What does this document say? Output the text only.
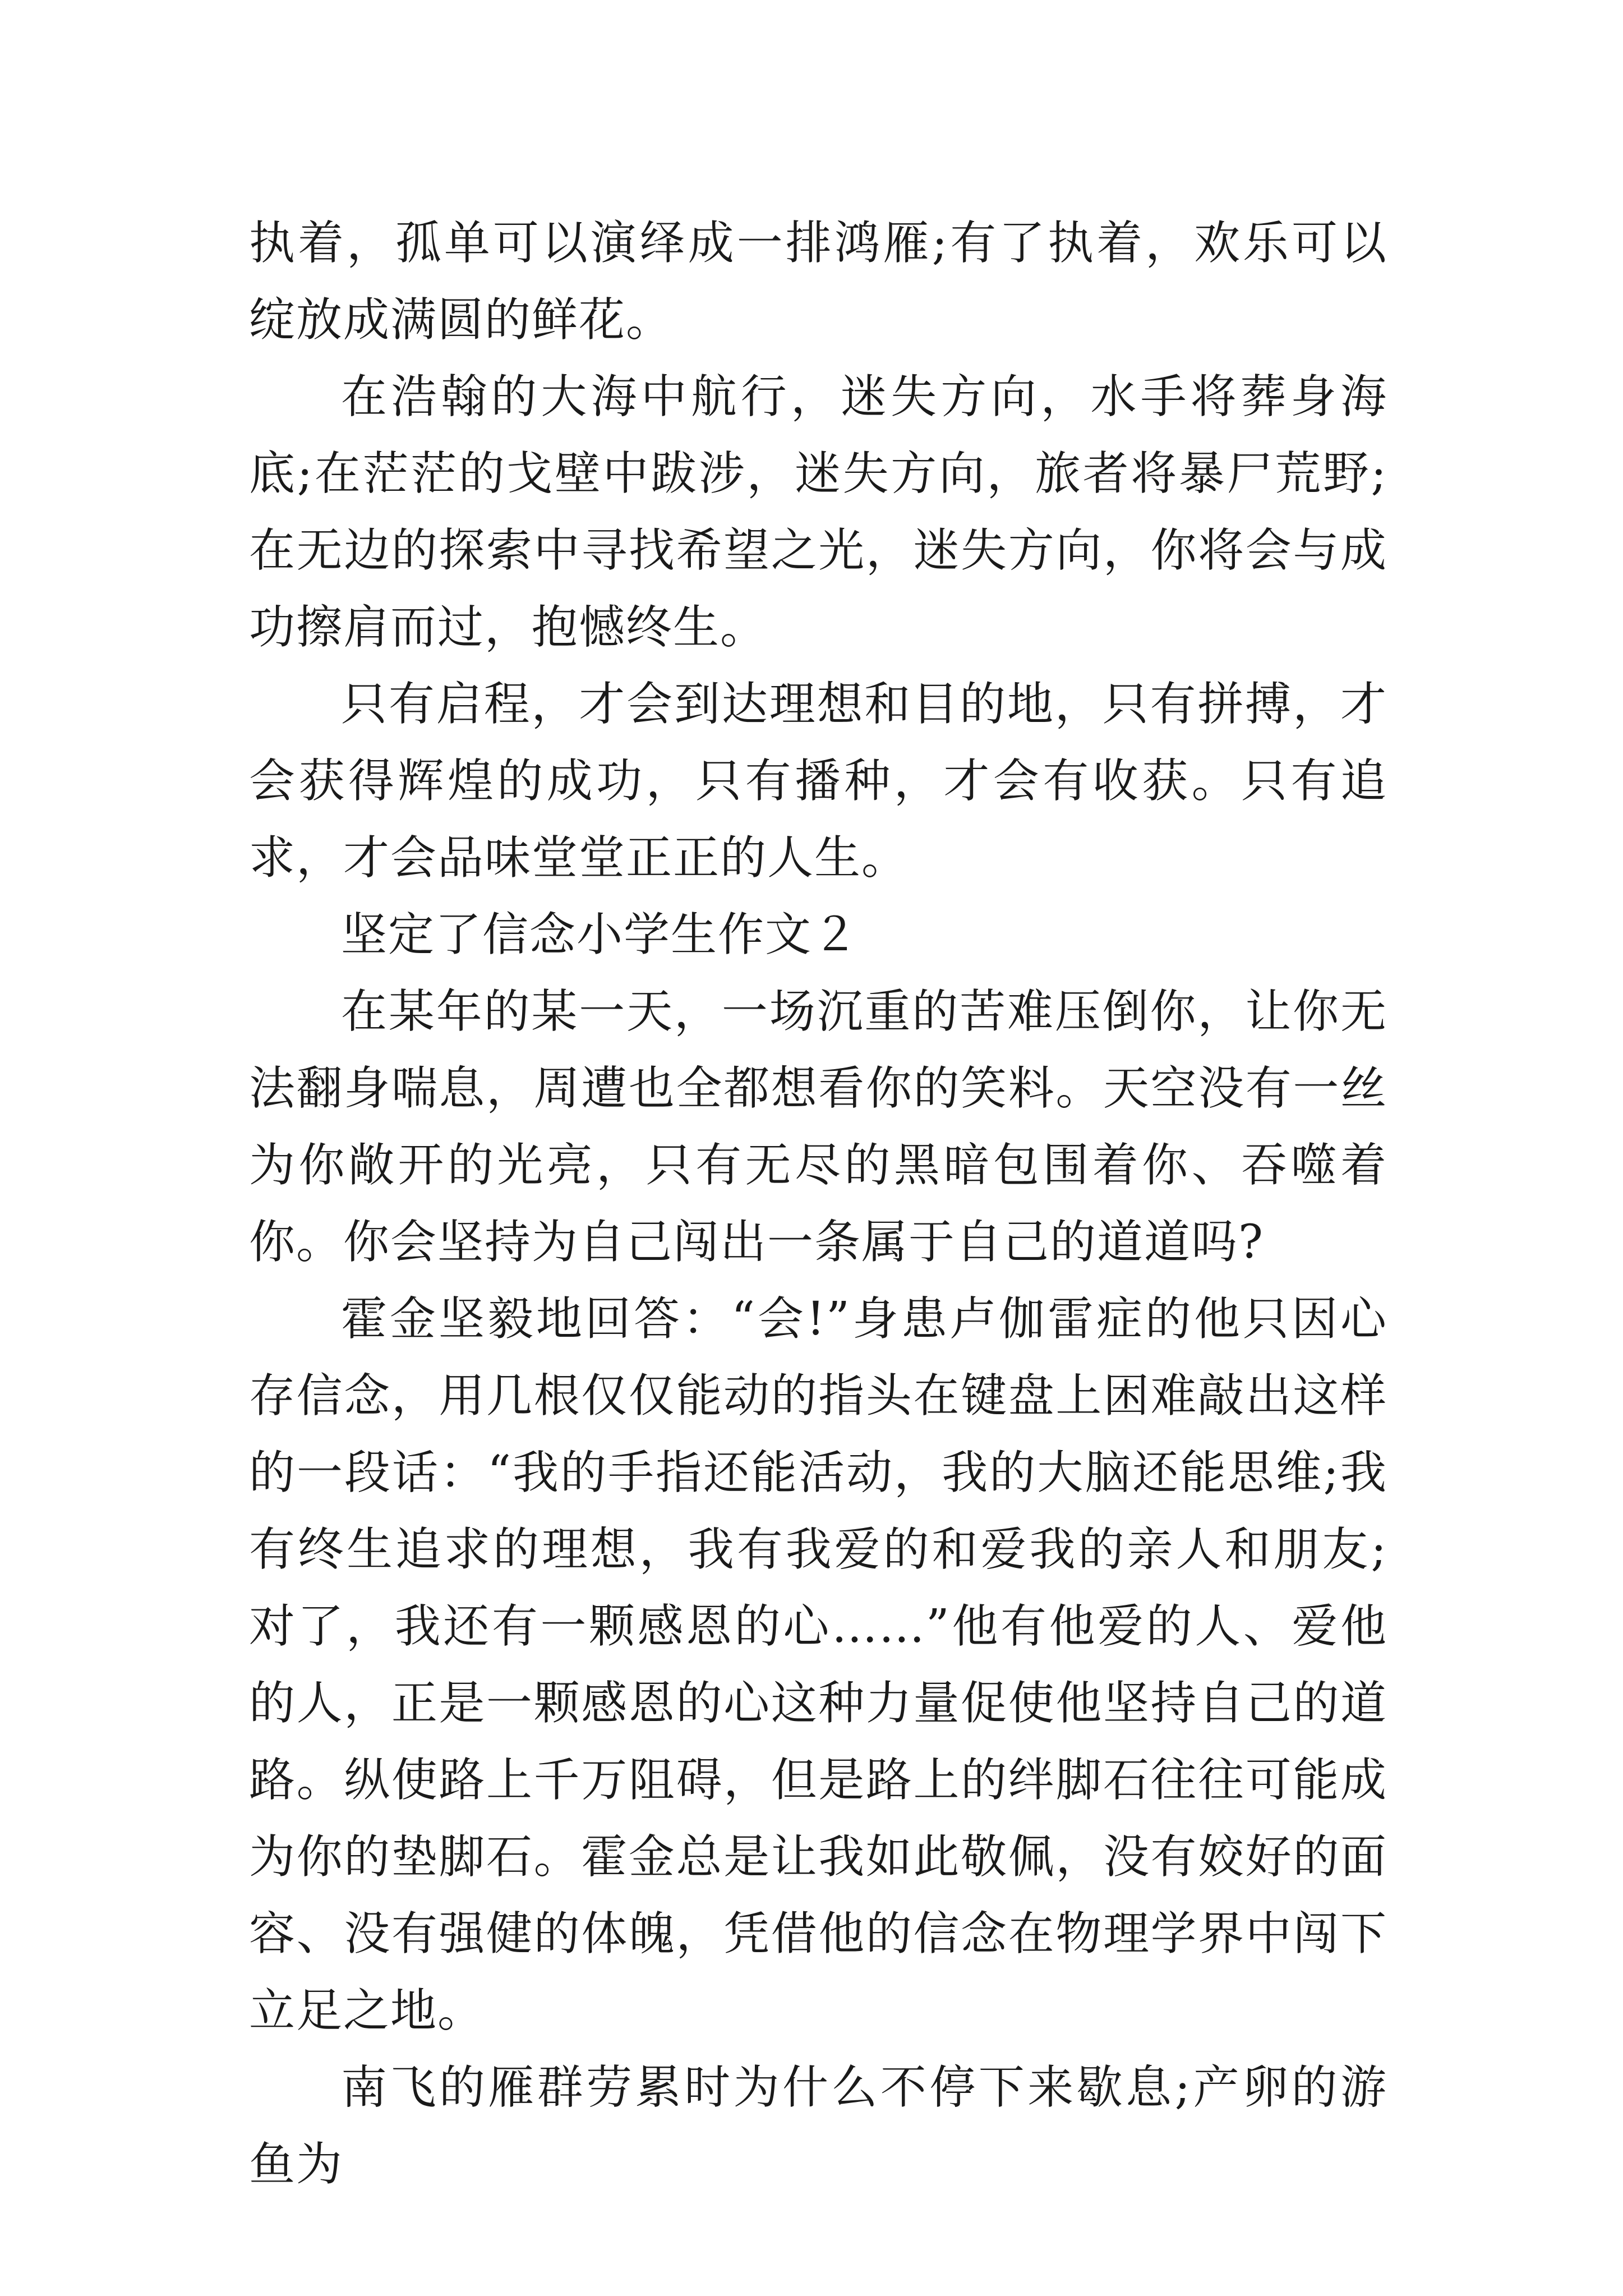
执着，孤单可以演绎成一排鸿雁;有了执着，欢乐可以绽放成满圆的鲜花。

在浩翰的大海中航行，迷失方向，水手将葬身海底;在茫茫的戈壁中跋涉，迷失方向，旅者将暴尸荒野;在无边的探索中寻找希望之光，迷失方向，你将会与成功擦肩而过，抱憾终生。

只有启程，才会到达理想和目的地，只有拼搏，才会获得辉煌的成功，只有播种，才会有收获。只有追求，才会品味堂堂正正的人生。

坚定了信念小学生作文２

在某年的某一天，一场沉重的苦难压倒你，让你无法翻身喘息，周遭也全都想看你的笑料。天空没有一丝为你敞开的光亮，只有无尽的黑暗包围着你、吞噬着你。你会坚持为自己闯出一条属于自己的道道吗?

霍金坚毅地回答：“会!”身患卢伽雷症的他只因心存信念，用几根仅仅能动的指头在键盘上困难敲出这样的一段话：“我的手指还能活动，我的大脑还能思维;我有终生追求的理想，我有我爱的和爱我的亲人和朋友;对了，我还有一颗感恩的心……”他有他爱的人、爱他的人，正是一颗感恩的心这种力量促使他坚持自己的道路。纵使路上千万阻碍，但是路上的绊脚石往往可能成为你的垫脚石。霍金总是让我如此敬佩，没有姣好的面容、没有强健的体魄，凭借他的信念在物理学界中闯下立足之地。

南飞的雁群劳累时为什么不停下来歇息;产卵的游鱼为
